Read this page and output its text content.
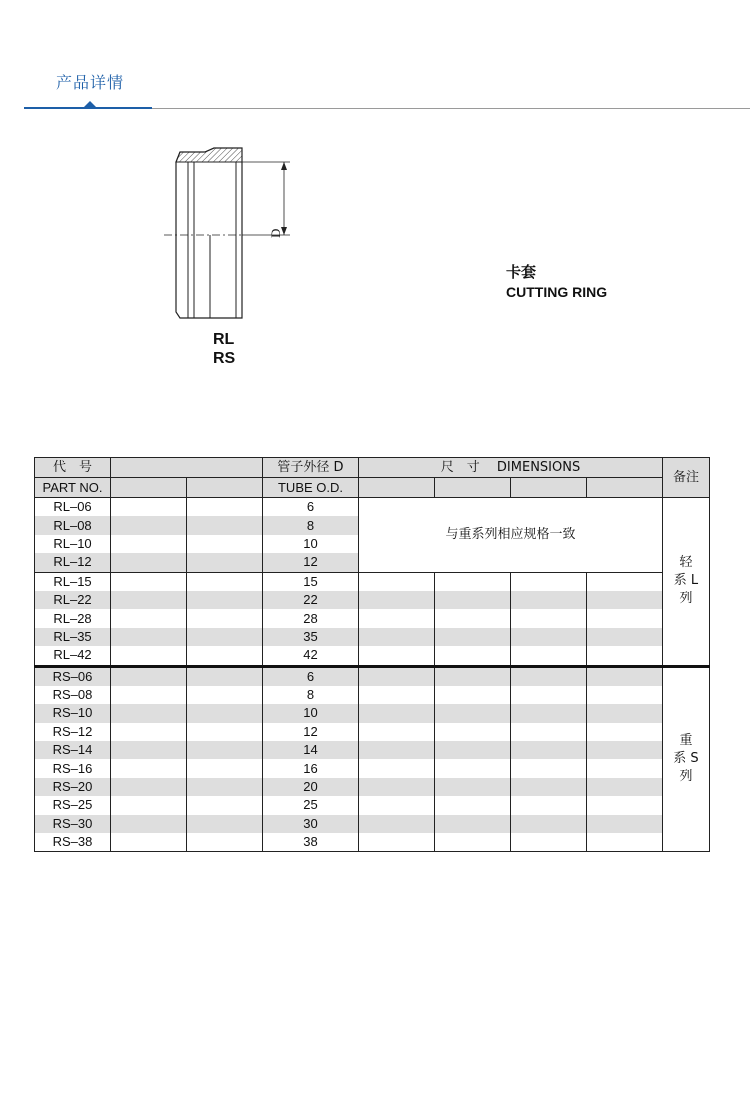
产品详情
D
RL
RS
卡套
CUTTING RING
代　号			管子外径 D	尺　寸　 DIMENSIONS				备注
PART NO.			TUBE O.D.					
RL–06			6	与重系列相应规格一致				轻
系 L
列
RL–08			8					
RL–10			10					
RL–12			12					
RL–15			15					
RL–22			22					
RL–28			28					
RL–35			35					
RL–42			42					
RS–06			6					重
系 S
列
RS–08			8					
RS–10			10					
RS–12			12					
RS–14			14					
RS–16			16					
RS–20			20					
RS–25			25					
RS–30			30					
RS–38			38					
